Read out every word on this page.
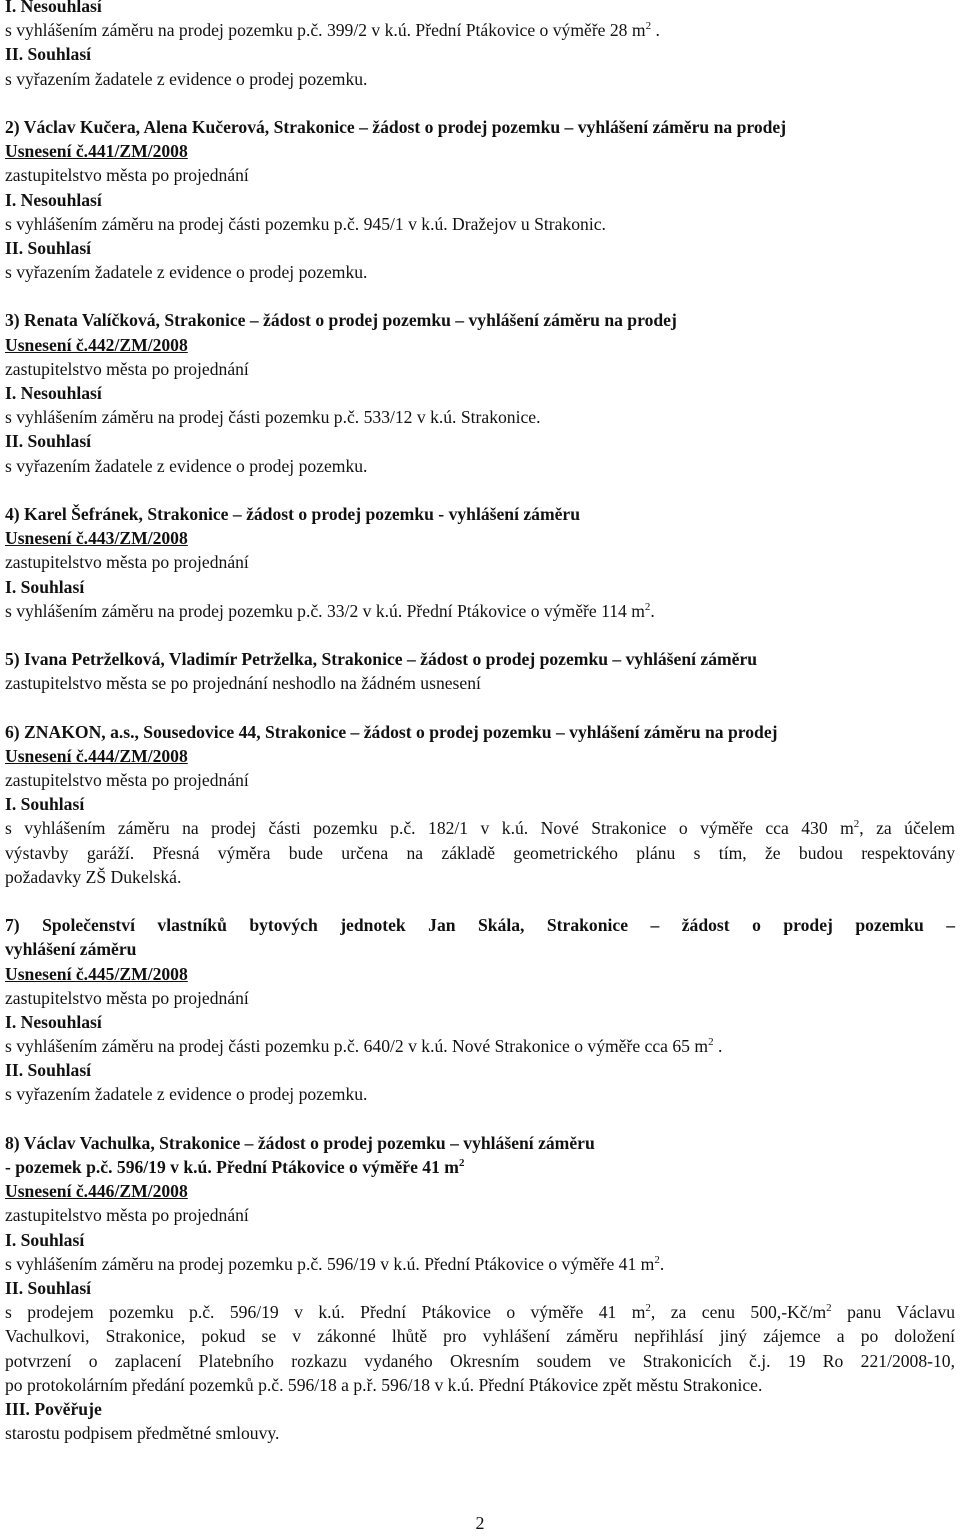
I. Nesouhlasí
s vyhlášením záměru na prodej pozemku p.č. 399/2 v k.ú. Přední Ptákovice o výměře 28 $m^2$ .
II. Souhlasí
s vyřazením žadatele z evidence o prodej pozemku.
2) Václav Kučera, Alena Kučerová, Strakonice – žádost o prodej pozemku – vyhlášení záměru na prodej
Usnesení č.441/ZM/2008
zastupitelstvo města po projednání
I. Nesouhlasí
s vyhlášením záměru na prodej části pozemku p.č. 945/1 v k.ú. Dražejov u Strakonic.
II. Souhlasí
s vyřazením žadatele z evidence o prodej pozemku.
3) Renata Valíčková, Strakonice – žádost o prodej pozemku – vyhlášení záměru na prodej
Usnesení č.442/ZM/2008
zastupitelstvo města po projednání
I. Nesouhlasí
s vyhlášením záměru na prodej části pozemku p.č. 533/12 v k.ú. Strakonice.
II. Souhlasí
s vyřazením žadatele z evidence o prodej pozemku.
4) Karel Šefránek, Strakonice – žádost o prodej pozemku - vyhlášení záměru
Usnesení č.443/ZM/2008
zastupitelstvo města po projednání
I. Souhlasí
s vyhlášením záměru na prodej pozemku p.č. 33/2 v k.ú. Přední Ptákovice o výměře 114 $m^2$.
5) Ivana Petrželková, Vladimír Petrželka, Strakonice – žádost o prodej pozemku – vyhlášení záměru
zastupitelstvo města se po projednání neshodlo na žádném usnesení
6) ZNAKON, a.s., Sousedovice 44, Strakonice – žádost o prodej pozemku – vyhlášení záměru na prodej
Usnesení č.444/ZM/2008
zastupitelstvo města po projednání
I. Souhlasí
s vyhlášením záměru na prodej části pozemku p.č. 182/1 v k.ú. Nové Strakonice o výměře cca 430 $m^2$, za účelem
výstavby garáží. Přesná výměra bude určena na základě geometrického plánu s tím, že budou respektovány
požadavky ZŠ Dukelská.
7) Společenství vlastníků bytových jednotek Jan Skála, Strakonice – žádost o prodej pozemku –
vyhlášení záměru
Usnesení č.445/ZM/2008
zastupitelstvo města po projednání
I. Nesouhlasí
s vyhlášením záměru na prodej části pozemku p.č. 640/2 v k.ú. Nové Strakonice o výměře cca 65 $m^2$ .
II. Souhlasí
s vyřazením žadatele z evidence o prodej pozemku.
8) Václav Vachulka, Strakonice – žádost o prodej pozemku – vyhlášení záměru
- pozemek p.č. 596/19 v k.ú. Přední Ptákovice o výměře 41 $m^2$
Usnesení č.446/ZM/2008
zastupitelstvo města po projednání
I. Souhlasí
s vyhlášením záměru na prodej pozemku p.č. 596/19 v k.ú. Přední Ptákovice o výměře 41 $m^2$.
II. Souhlasí
s prodejem pozemku p.č. 596/19 v k.ú. Přední Ptákovice o výměře 41 $m^2$, za cenu $500,-Kč/m^2$ panu Václavu
Vachulkovi, Strakonice, pokud se v zákonné lhůtě pro vyhlášení záměru nepřihlásí jiný zájemce a po doložení
potvrzení o zaplacení Platebního rozkazu vydaného Okresním soudem ve Strakonicích č.j. 19 Ro 221/2008-10,
po protokolárním předání pozemků p.č. 596/18 a p.ř. 596/18 v k.ú. Přední Ptákovice zpět městu Strakonice.
III. Pověřuje
starostu podpisem předmětné smlouvy.
2
